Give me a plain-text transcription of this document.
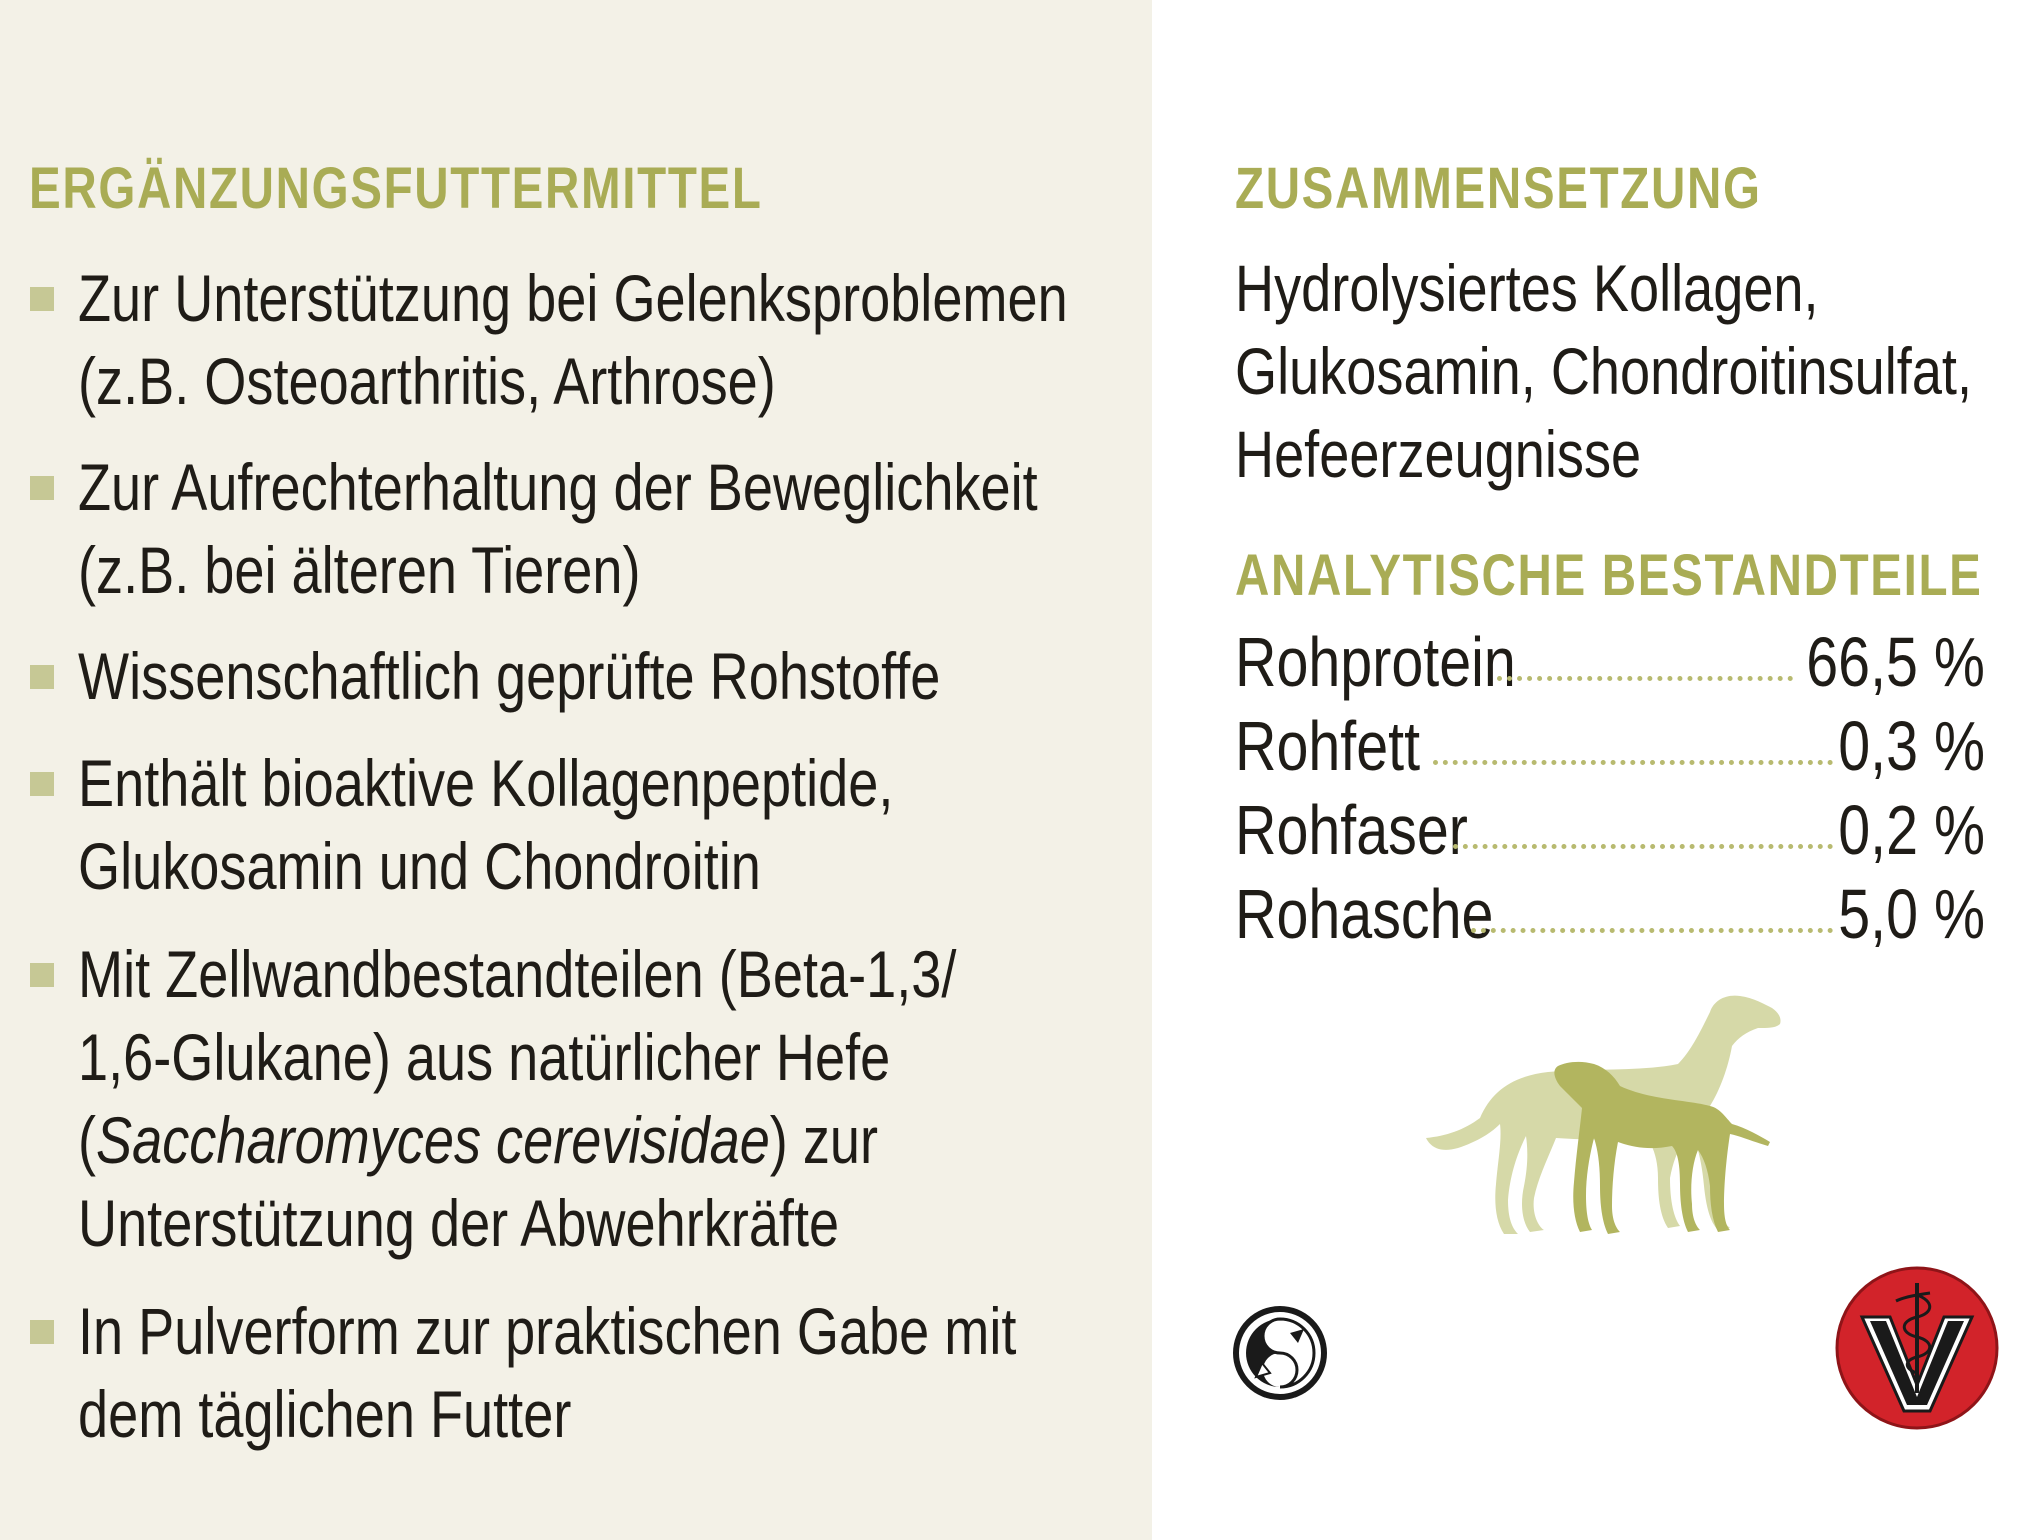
ERGÄNZUNGSFUTTERMITTEL
Zur Unterstützung bei Gelenksproblemen
(z.B. Osteoarthritis, Arthrose)
Zur Aufrechterhaltung der Beweglichkeit
(z.B. bei älteren Tieren)
Wissenschaftlich geprüfte Rohstoffe
Enthält bioaktive Kollagenpeptide,
Glukosamin und Chondroitin
Mit Zellwandbestandteilen (Beta-1,3/
1,6-Glukane) aus natürlicher Hefe
(Saccharomyces cerevisidae) zur
Unterstützung der Abwehrkräfte
In Pulverform zur praktischen Gabe mit
dem täglichen Futter
ZUSAMMENSETZUNG
Hydrolysiertes Kollagen,
Glukosamin, Chondroitinsulfat,
Hefeerzeugnisse
ANALYTISCHE BESTANDTEILE
Rohprotein	66,5 %
Rohfett	0,3 %
Rohfaser	0,2 %
Rohasche	5,0 %
